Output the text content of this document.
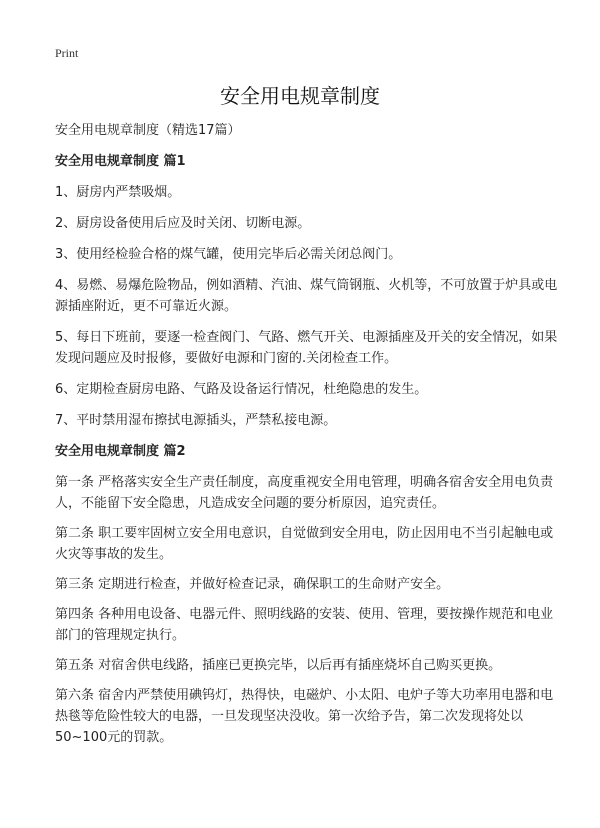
Print
安全用电规章制度

安全用电规章制度（精选17篇）

安全用电规章制度 篇1

1、厨房内严禁吸烟。

2、厨房设备使用后应及时关闭、切断电源。

3、使用经检验合格的煤气罐，使用完毕后必需关闭总阀门。

4、易燃、易爆危险物品，例如酒精、汽油、煤气筒钢瓶、火机等，不可放置于炉具或电源插座附近，更不可靠近火源。

5、每日下班前，要逐一检查阀门、气路、燃气开关、电源插座及开关的安全情况，如果发现问题应及时报修，要做好电源和门窗的.关闭检查工作。

6、定期检查厨房电路、气路及设备运行情况，杜绝隐患的发生。

7、平时禁用湿布擦拭电源插头，严禁私接电源。

安全用电规章制度 篇2

第一条 严格落实安全生产责任制度，高度重视安全用电管理，明确各宿舍安全用电负责人，不能留下安全隐患，凡造成安全问题的要分析原因，追究责任。

第二条 职工要牢固树立安全用电意识，自觉做到安全用电，防止因用电不当引起触电或火灾等事故的发生。

第三条 定期进行检查，并做好检查记录，确保职工的生命财产安全。

第四条 各种用电设备、电器元件、照明线路的安装、使用、管理，要按操作规范和电业部门的管理规定执行。

第五条 对宿舍供电线路，插座已更换完毕，以后再有插座烧坏自己购买更换。

第六条 宿舍内严禁使用碘钨灯，热得快，电磁炉、小太阳、电炉子等大功率用电器和电热毯等危险性较大的电器，一旦发现坚决没收。第一次给予告，第二次发现将处以50~100元的罚款。
